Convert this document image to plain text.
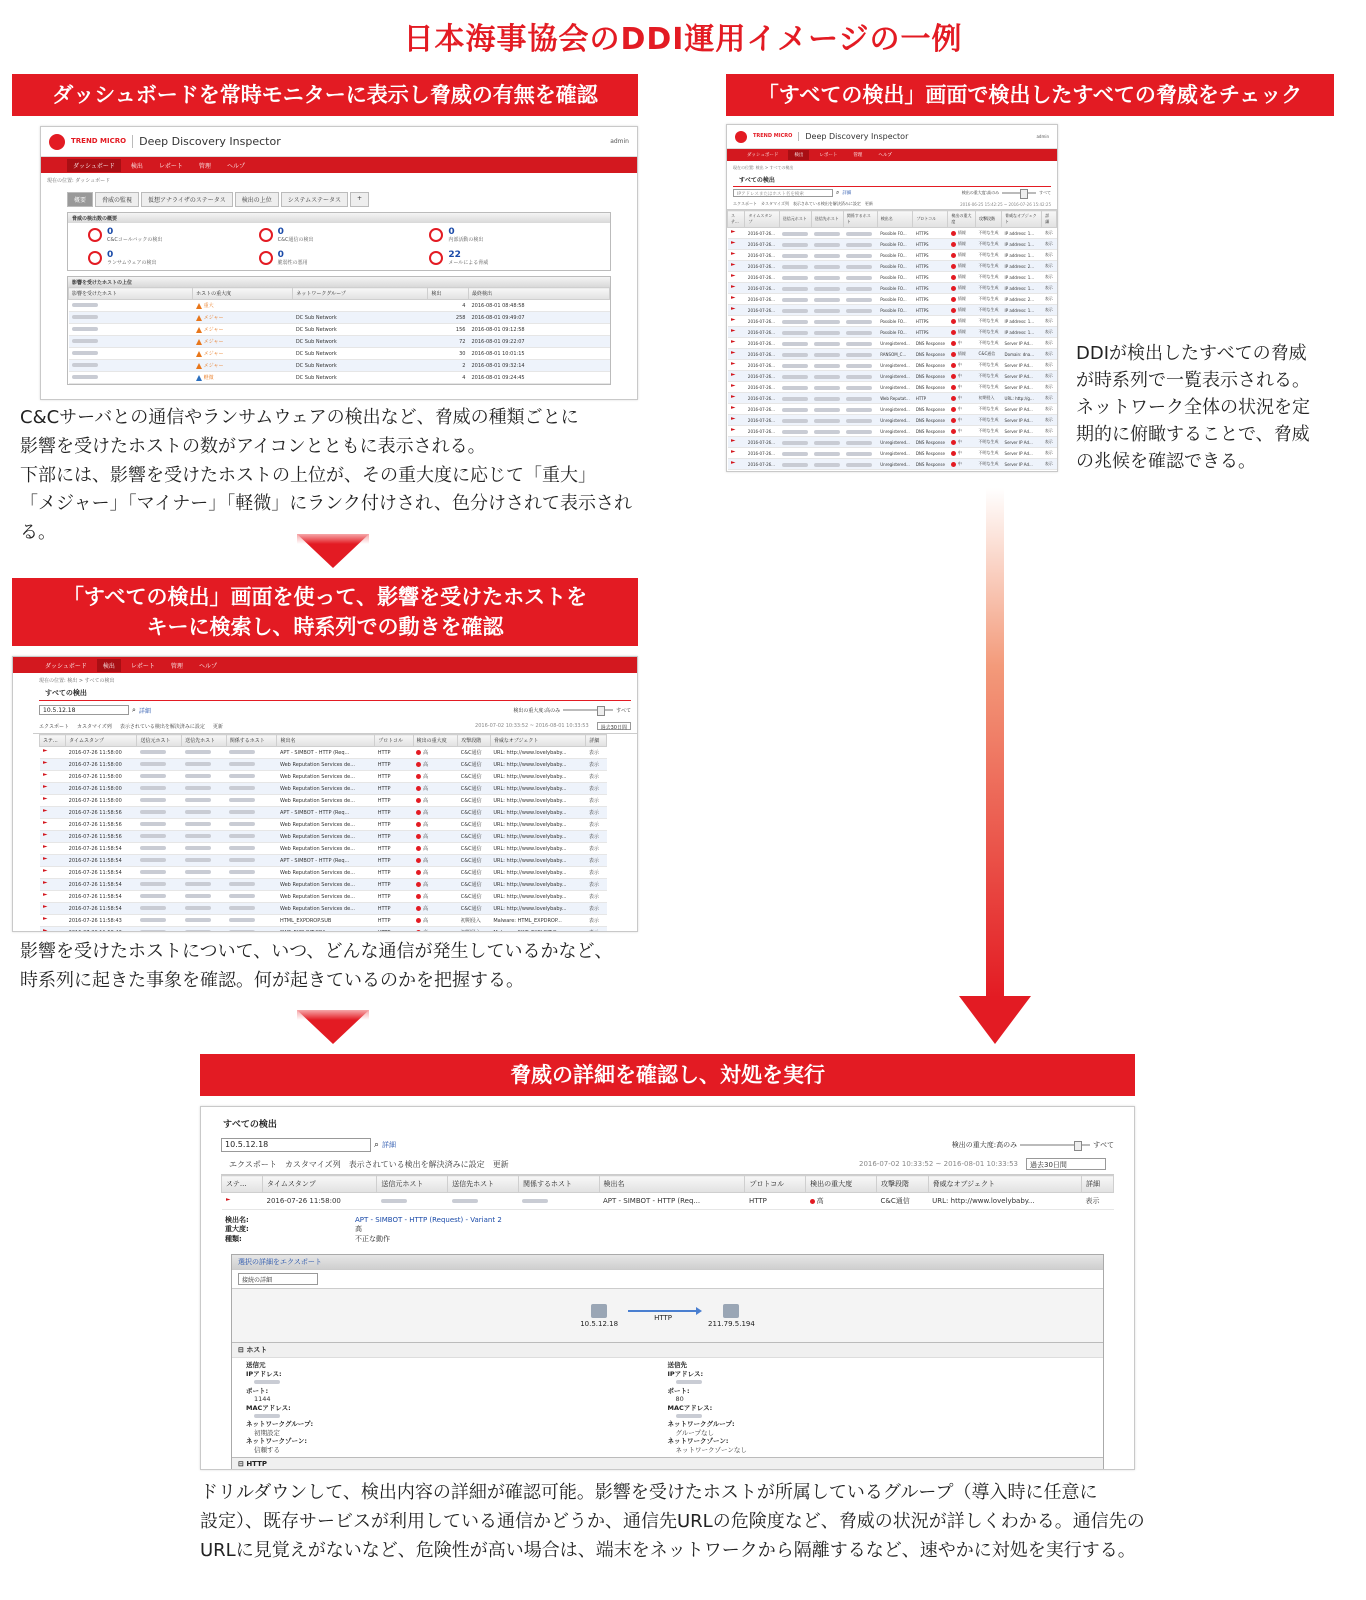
日本海事協会のDDI運用イメージの一例
ダッシュボードを常時モニターに表示し脅威の有無を確認
TREND MICRO	Deep Discovery Inspector	admin
ダッシュボード	検出	レポート	管理	ヘルプ
現在の位置: ダッシュボード
概要	脅威の監視	仮想アナライザのステータス	検出の上位	システムステータス	+
脅威の検出数の概要
0
C&Cコールバックの検出
0
C&C通信の検出
0
内部活動の検出
0
ランサムウェアの検出
0
脆弱性の悪用
22
メールによる脅威
影響を受けたホストの上位
影響を受けたホスト	ホストの重大度	ネットワークグループ	検出	最終検出
	重大		4	2016-08-01 08:48:58
	メジャー	DC Sub Network	258	2016-08-01 09:49:07
	メジャー	DC Sub Network	156	2016-08-01 09:12:58
	メジャー	DC Sub Network	72	2016-08-01 09:22:07
	メジャー	DC Sub Network	30	2016-08-01 10:01:15
	メジャー	DC Sub Network	2	2016-08-01 09:32:14
	軽微	DC Sub Network	4	2016-08-01 09:24:45
C&Cサーバとの通信やランサムウェアの検出など、脅威の種類ごとに
影響を受けたホストの数がアイコンとともに表示される。
下部には、影響を受けたホストの上位が、その重大度に応じて「重大」
「メジャー」「マイナー」「軽微」にランク付けされ、色分けされて表示される。
「すべての検出」画面を使って、影響を受けたホストを
キーに検索し、時系列での動きを確認
ダッシュボード	検出	レポート	管理	ヘルプ
現在の位置: 検出 > すべての検出
すべての検出
10.5.12.18	⌕ 詳細	検出の重大度:高のみ	すべて
エクスポート カスタマイズ列 表示されている検出を解決済みに設定 更新	2016-07-02 10:33:52 ~ 2016-08-01 10:33:53	過去30日間
ステ...	タイムスタンプ	送信元ホスト	送信先ホスト	関係するホスト	検出名	プロトコル	検出の重大度	攻撃段階	脅威なオブジェクト	詳細
	2016-07-26 11:58:00				APT - SIMBOT - HTTP (Req...	HTTP	高	C&C通信	URL: http://www.lovelybaby...	表示
	2016-07-26 11:58:00				Web Reputation Services de...	HTTP	高	C&C通信	URL: http://www.lovelybaby...	表示
	2016-07-26 11:58:00				Web Reputation Services de...	HTTP	高	C&C通信	URL: http://www.lovelybaby...	表示
	2016-07-26 11:58:00				Web Reputation Services de...	HTTP	高	C&C通信	URL: http://www.lovelybaby...	表示
	2016-07-26 11:58:00				Web Reputation Services de...	HTTP	高	C&C通信	URL: http://www.lovelybaby...	表示
	2016-07-26 11:58:56				APT - SIMBOT - HTTP (Req...	HTTP	高	C&C通信	URL: http://www.lovelybaby...	表示
	2016-07-26 11:58:56				Web Reputation Services de...	HTTP	高	C&C通信	URL: http://www.lovelybaby...	表示
	2016-07-26 11:58:56				Web Reputation Services de...	HTTP	高	C&C通信	URL: http://www.lovelybaby...	表示
	2016-07-26 11:58:54				Web Reputation Services de...	HTTP	高	C&C通信	URL: http://www.lovelybaby...	表示
	2016-07-26 11:58:54				APT - SIMBOT - HTTP (Req...	HTTP	高	C&C通信	URL: http://www.lovelybaby...	表示
	2016-07-26 11:58:54				Web Reputation Services de...	HTTP	高	C&C通信	URL: http://www.lovelybaby...	表示
	2016-07-26 11:58:54				Web Reputation Services de...	HTTP	高	C&C通信	URL: http://www.lovelybaby...	表示
	2016-07-26 11:58:54				Web Reputation Services de...	HTTP	高	C&C通信	URL: http://www.lovelybaby...	表示
	2016-07-26 11:58:54				Web Reputation Services de...	HTTP	高	C&C通信	URL: http://www.lovelybaby...	表示
	2016-07-26 11:58:43				HTML_EXPDROP.SUB	HTTP	高	初期侵入	Malware: HTML_EXPDROP...	表示

影響を受けたホストについて、いつ、どんな通信が発生しているかなど、
時系列に起きた事象を確認。何が起きているのかを把握する。
「すべての検出」画面で検出したすべての脅威をチェック
TREND MICRO	Deep Discovery Inspector	admin
ダッシュボード	検出	レポート	管理	ヘルプ
現在の位置: 検出 > すべての検出
すべての検出
IPアドレスまたはホスト名を検索	⌕ 詳細	検出の重大度:高のみ	すべて
エクスポート カスタマイズ列 表示されている検出を解決済みに設定 更新	2016-06-25 15:42:25 ~ 2016-07-26 15:42:25
ステ...	タイムスタンプ	送信元ホスト	送信先ホスト	関係するホスト	検出名	プロトコル	検出の重大度	攻撃段階	脅威なオブジェクト	詳細
	2016-07-26...				Possible FO...	HTTPS	情報	不明な生成	IP address: 1...	表示
	2016-07-26...				Possible FO...	HTTPS	情報	不明な生成	IP address: 1...	表示
	2016-07-26...				Possible FO...	HTTPS	情報	不明な生成	IP address: 1...	表示
	2016-07-26...				Possible FO...	HTTPS	情報	不明な生成	IP address: 2...	表示
	2016-07-26...				Possible FO...	HTTPS	情報	不明な生成	IP address: 1...	表示
	2016-07-26...				Possible FO...	HTTPS	情報	不明な生成	IP address: 1...	表示
	2016-07-26...				Possible FO...	HTTPS	情報	不明な生成	IP address: 2...	表示
	2016-07-26...				Possible FO...	HTTPS	情報	不明な生成	IP address: 1...	表示
	2016-07-26...				Possible FO...	HTTPS	情報	不明な生成	IP address: 1...	表示
	2016-07-26...				Possible FO...	HTTPS	情報	不明な生成	IP address: 1...	表示
	2016-07-26...				Unregistered...	DNS Response	中	不明な生成	Server IP Ad...	表示
	2016-07-26...				RANSOM_C...	DNS Response	情報	C&C通信	Domain: dna...	表示
	2016-07-26...				Unregistered...	DNS Response	中	不明な生成	Server IP Ad...	表示
	2016-07-26...				Unregistered...	DNS Response	中	不明な生成	Server IP Ad...	表示
	2016-07-26...				Unregistered...	DNS Response	中	不明な生成	Server IP Ad...	表示
	2016-07-26...				Web Reputat...	HTTP	中	初期侵入	URL: http://g...	表示
	2016-07-26...				Unregistered...	DNS Response	中	不明な生成	Server IP Ad...	表示
	2016-07-26...				Unregistered...	DNS Response	中	不明な生成	Server IP Ad...	表示
	2016-07-26...				Unregistered...	DNS Response	中	不明な生成	Server IP Ad...	表示
	2016-07-26...				Unregistered...	DNS Response	中	不明な生成	Server IP Ad...	表示
	2016-07-26...				Unregistered...	DNS Response	中	不明な生成	Server IP Ad...	表示
	2016-07-26...				Unregistered...	DNS Response	中	不明な生成	Server IP Ad...	表示

DDIが検出したすべての脅威
が時系列で一覧表示される。
ネットワーク全体の状況を定
期的に俯瞰することで、脅威
の兆候を確認できる。
脅威の詳細を確認し、対処を実行
すべての検出
10.5.12.18	⌕ 詳細	検出の重大度:高のみ	すべて
エクスポート カスタマイズ列 表示されている検出を解決済みに設定 更新	2016-07-02 10:33:52 ~ 2016-08-01 10:33:53	過去30日間
ステ...	タイムスタンプ	送信元ホスト	送信先ホスト	関係するホスト	検出名	プロトコル	検出の重大度	攻撃段階	脅威なオブジェクト	詳細
	2016-07-26 11:58:00				APT - SIMBOT - HTTP (Req...	HTTP	高	C&C通信	URL: http://www.lovelybaby...	表示
検出名:	APT - SIMBOT - HTTP (Request) - Variant 2
重大度:	高
種類:	不正な動作
選択の詳細をエクスポート
接続の詳細
10.5.12.18
HTTP
211.79.5.194
⊟ ホスト
送信元
IPアドレス:
ポート:
1144
MACアドレス:
ネットワークグループ:
初期設定
ネットワークゾーン:
信頼する
送信先
IPアドレス:
ポート:
80
MACアドレス:
ネットワークグループ:
グループなし
ネットワークゾーン:
ネットワークゾーンなし
⊟ HTTP
ドリルダウンして、検出内容の詳細が確認可能。影響を受けたホストが所属しているグループ（導入時に任意に
設定）、既存サービスが利用している通信かどうか、通信先URLの危険度など、脅威の状況が詳しくわかる。通信先の
URLに見覚えがないなど、危険性が高い場合は、端末をネットワークから隔離するなど、速やかに対処を実行する。
